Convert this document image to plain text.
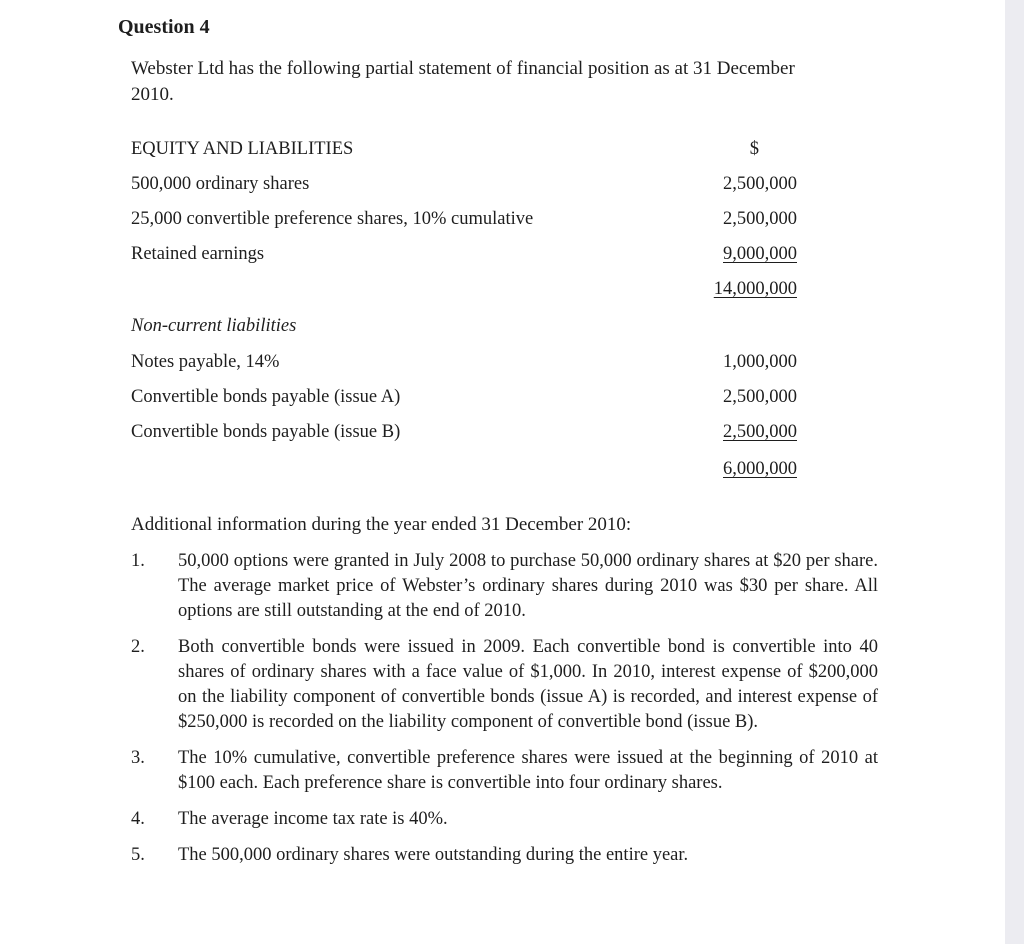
Question 4
Webster Ltd has the following partial statement of financial position as at 31 December 2010.
EQUITY AND LIABILITIES	$
500,000 ordinary shares	2,500,000
25,000 convertible preference shares, 10% cumulative	2,500,000
Retained earnings	9,000,000
14,000,000
Non-current liabilities
Notes payable, 14%	1,000,000
Convertible bonds payable (issue A)	2,500,000
Convertible bonds payable (issue B)	2,500,000
6,000,000
Additional information during the year ended 31 December 2010:
1.	50,000 options were granted in July 2008 to purchase 50,000 ordinary shares at $20 per share. The average market price of Webster’s ordinary shares during 2010 was $30 per share. All options are still outstanding at the end of 2010.
2.	Both convertible bonds were issued in 2009. Each convertible bond is convertible into 40 shares of ordinary shares with a face value of $1,000. In 2010, interest expense of $200,000 on the liability component of convertible bonds (issue A) is recorded, and interest expense of $250,000 is recorded on the liability component of convertible bond (issue B).
3.	The 10% cumulative, convertible preference shares were issued at the beginning of 2010 at $100 each. Each preference share is convertible into four ordinary shares.
4.	The average income tax rate is 40%.
5.	The 500,000 ordinary shares were outstanding during the entire year.
